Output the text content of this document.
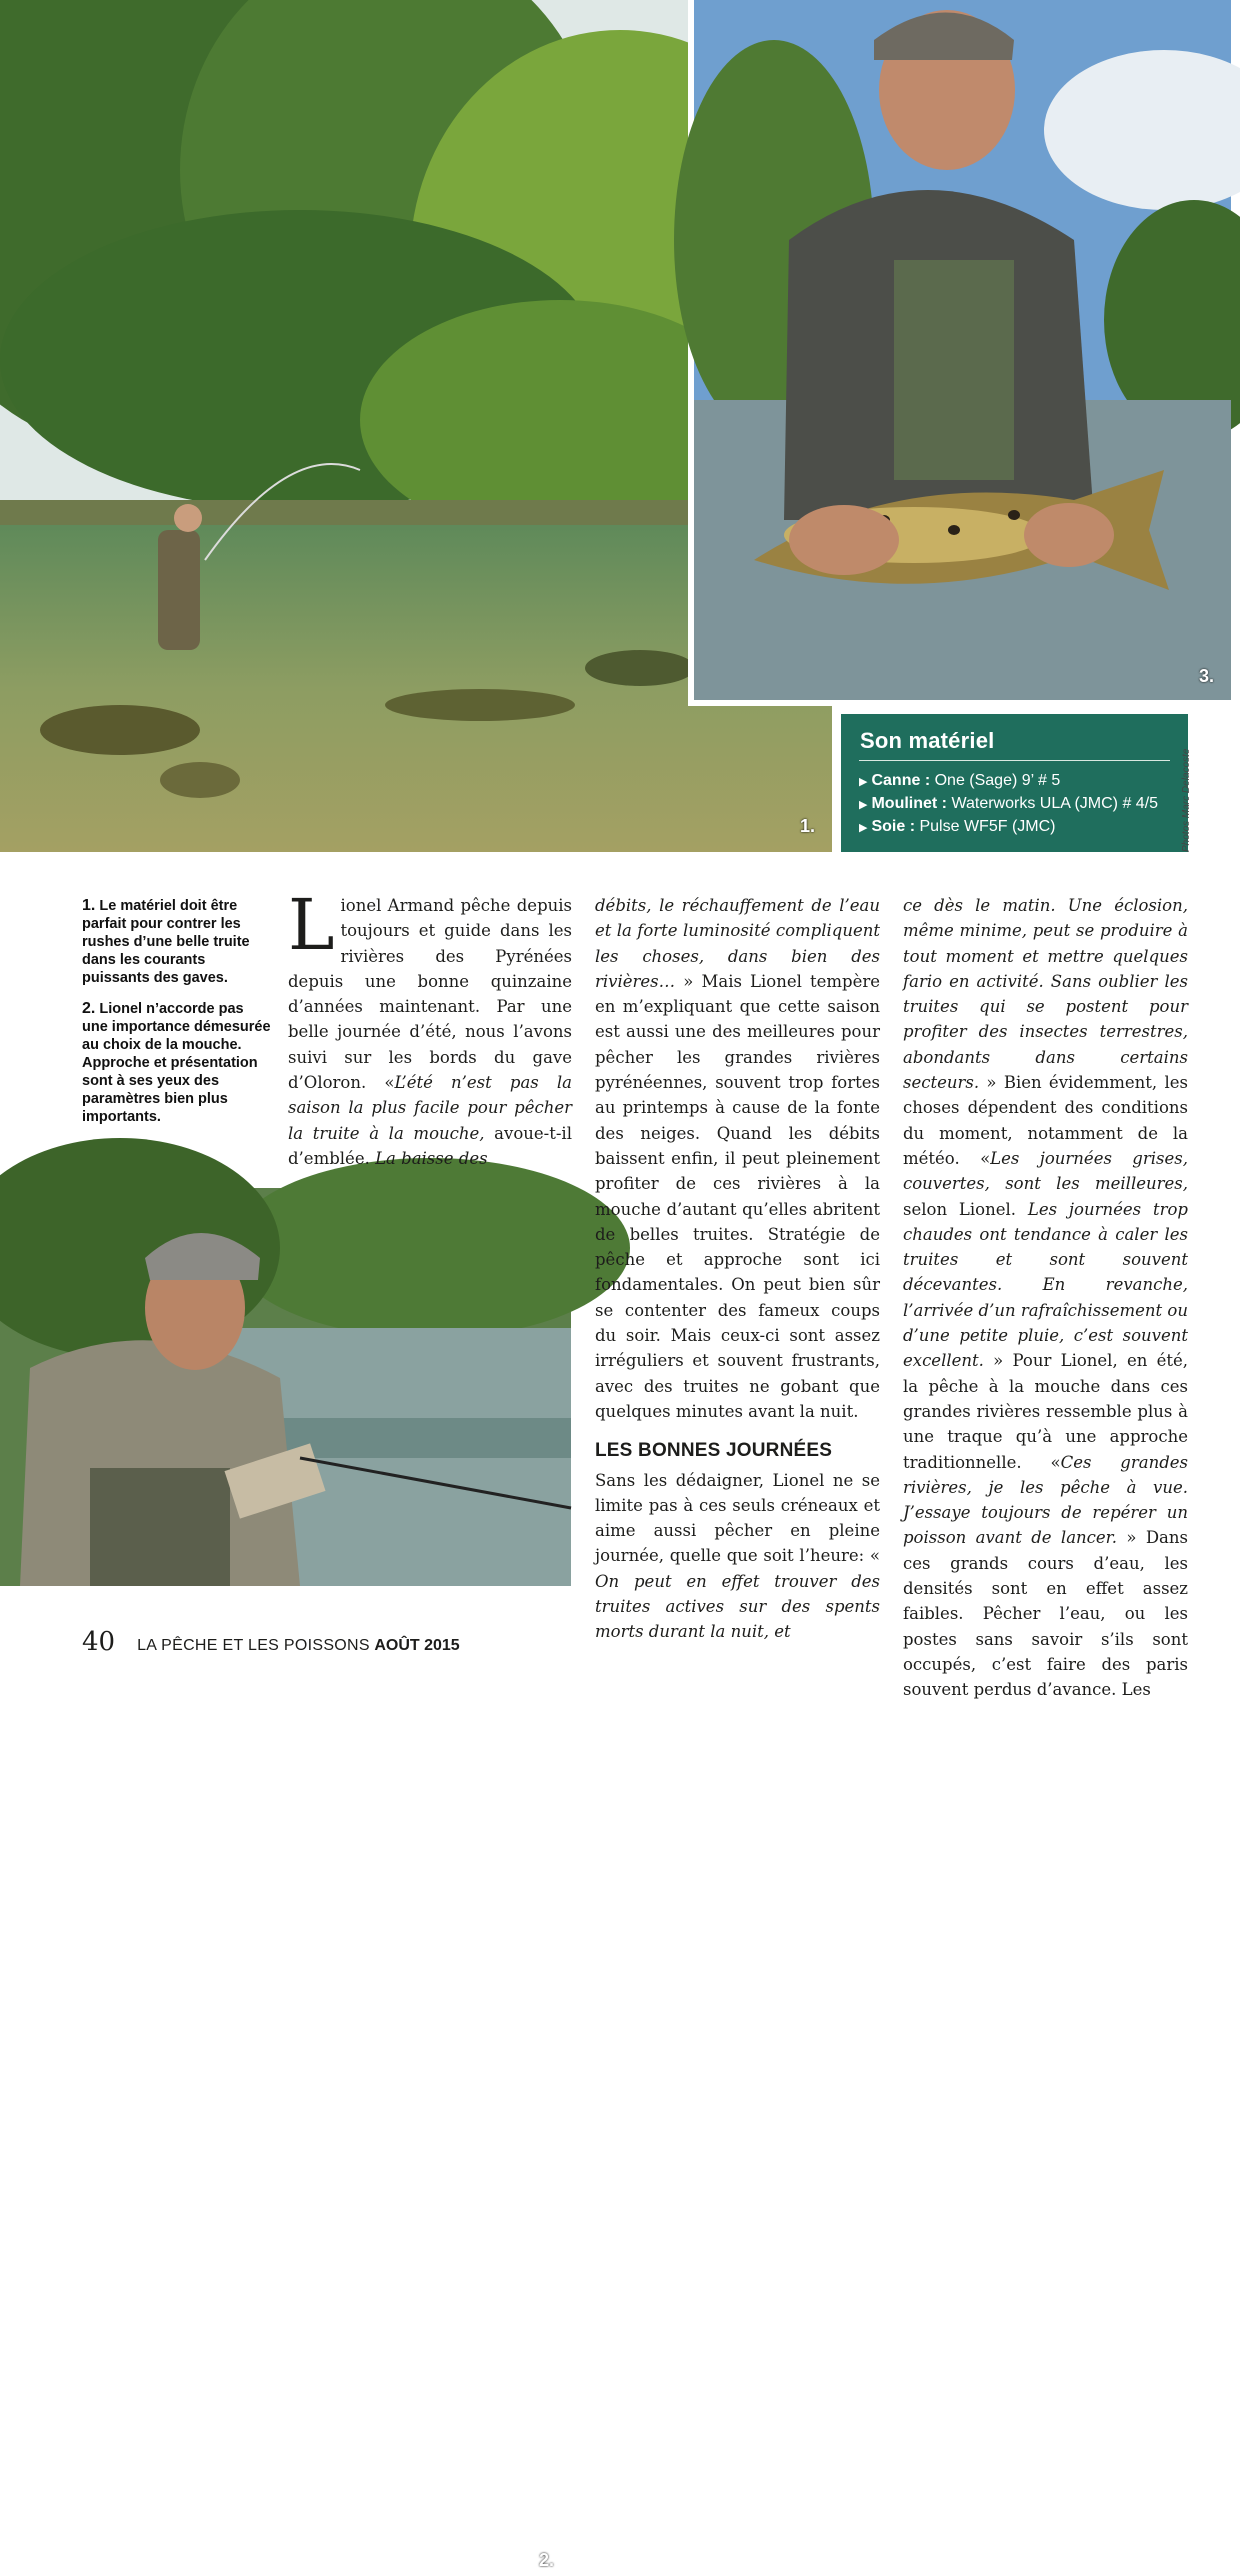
1.
3.
Son matériel
▶ Canne : One (Sage) 9’ # 5
▶ Moulinet : Waterworks ULA (JMC) # 4/5
▶ Soie : Pulse WF5F (JMC)	Photos Marc Delacoste
1. Le matériel doit être parfait pour contrer les rushes d’une belle truite dans les courants puissants des gaves.
2. Lionel n’accorde pas une importance démesurée au choix de la mouche. Approche et présentation sont à ses yeux des paramètres bien plus importants.
2.

Lionel Armand pêche depuis toujours et guide dans les rivières des Pyrénées depuis une bonne quinzaine d’années maintenant. Par une belle journée d’été, nous l’avons suivi sur les bords du gave d’Oloron. «L’été n’est pas la saison la plus facile pour pêcher la truite à la mouche, avoue-t-il d’emblée. La baisse des

débits, le réchauffement de l’eau et la forte luminosité compliquent les choses, dans bien des rivières… » Mais Lionel tempère en m’expliquant que cette saison est aussi une des meilleures pour pêcher les grandes rivières pyrénéennes, souvent trop fortes au printemps à cause de la fonte des neiges. Quand les débits baissent enfin, il peut pleinement profiter de ces rivières à la mouche d’autant qu’elles abritent de belles truites. Stratégie de pêche et approche sont ici fondamentales. On peut bien sûr se contenter des fameux coups du soir. Mais ceux-ci sont assez irréguliers et souvent frustrants, avec des truites ne gobant que quelques minutes avant la nuit.

LES BONNES JOURNÉES

Sans les dédaigner, Lionel ne se limite pas à ces seuls créneaux et aime aussi pêcher en pleine journée, quelle que soit l’heure: « On peut en effet trouver des truites actives sur des spents morts durant la nuit, et

ce dès le matin. Une éclosion, même minime, peut se produire à tout moment et mettre quelques fario en activité. Sans oublier les truites qui se postent pour profiter des insectes terrestres, abondants dans certains secteurs. » Bien évidemment, les choses dépendent des conditions du moment, notamment de la météo. «Les journées grises, couvertes, sont les meilleures, selon Lionel. Les journées trop chaudes ont tendance à caler les truites et sont souvent décevantes. En revanche, l’arrivée d’un rafraîchissement ou d’une petite pluie, c’est souvent excellent. » Pour Lionel, en été, la pêche à la mouche dans ces grandes rivières ressemble plus à une traque qu’à une approche traditionnelle. «Ces grandes rivières, je les pêche à vue. J’essaye toujours de repérer un poisson avant de lancer. » Dans ces grands cours d’eau, les densités sont en effet assez faibles. Pêcher l’eau, ou les postes sans savoir s’ils sont occupés, c’est faire des paris souvent perdus d’avance. Les

40 LA PÊCHE ET LES POISSONS AOÛT 2015
